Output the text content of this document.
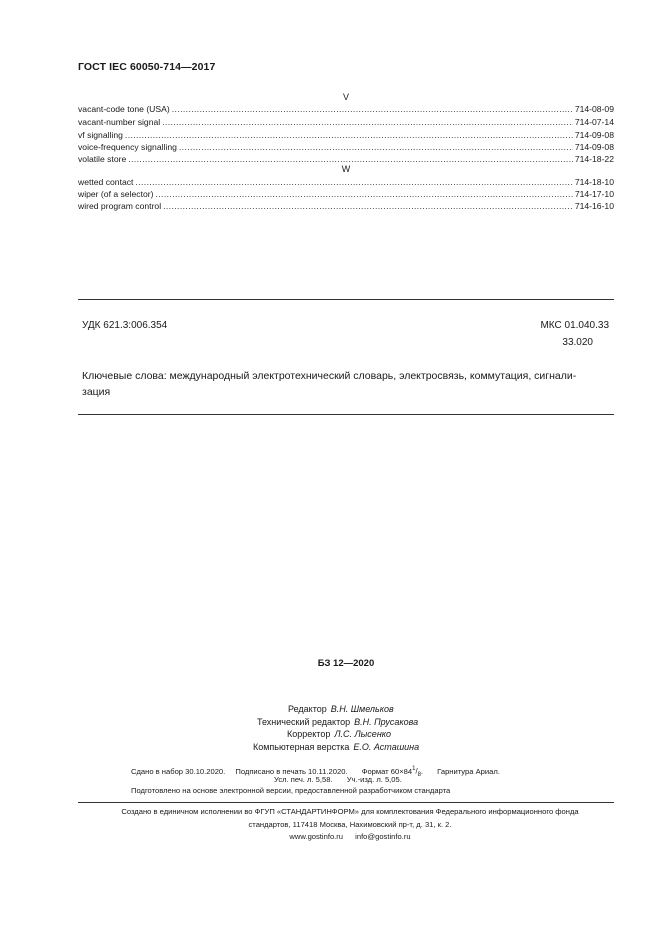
ГОСТ IEC 60050-714—2017
V
vacant-code tone (USA) .....	714-08-09
vacant-number signal .....	714-07-14
vf signalling .....	714-09-08
voice-frequency signalling .....	714-09-08
volatile store .....	714-18-22
W
wetted contact .....	714-18-10
wiper (of a selector) .....	714-17-10
wired program control .....	714-16-10
УДК 621.3:006.354	МКС 01.040.33
33.020
Ключевые слова: международный электротехнический словарь, электросвязь, коммутация, сигнали-
зация
БЗ 12—2020
Редактор В.Н. Шмельков
Технический редактор В.Н. Прусакова
Корректор Л.С. Лысенко
Компьютерная верстка Е.О. Асташина
Сдано в набор 30.10.2020. Подписано в печать 10.11.2020. Формат 60×841/8. Гарнитура Ариал.
Усл. печ. л. 5,58. Уч.-изд. л. 5,05.
Подготовлено на основе электронной версии, предоставленной разработчиком стандарта
Создано в единичном исполнении во ФГУП «СТАНДАРТИНФОРМ» для комплектования Федерального информационного фонда
стандартов, 117418 Москва, Нахимовский пр-т, д. 31, к. 2.
www.gostinfo.ru info@gostinfo.ru
